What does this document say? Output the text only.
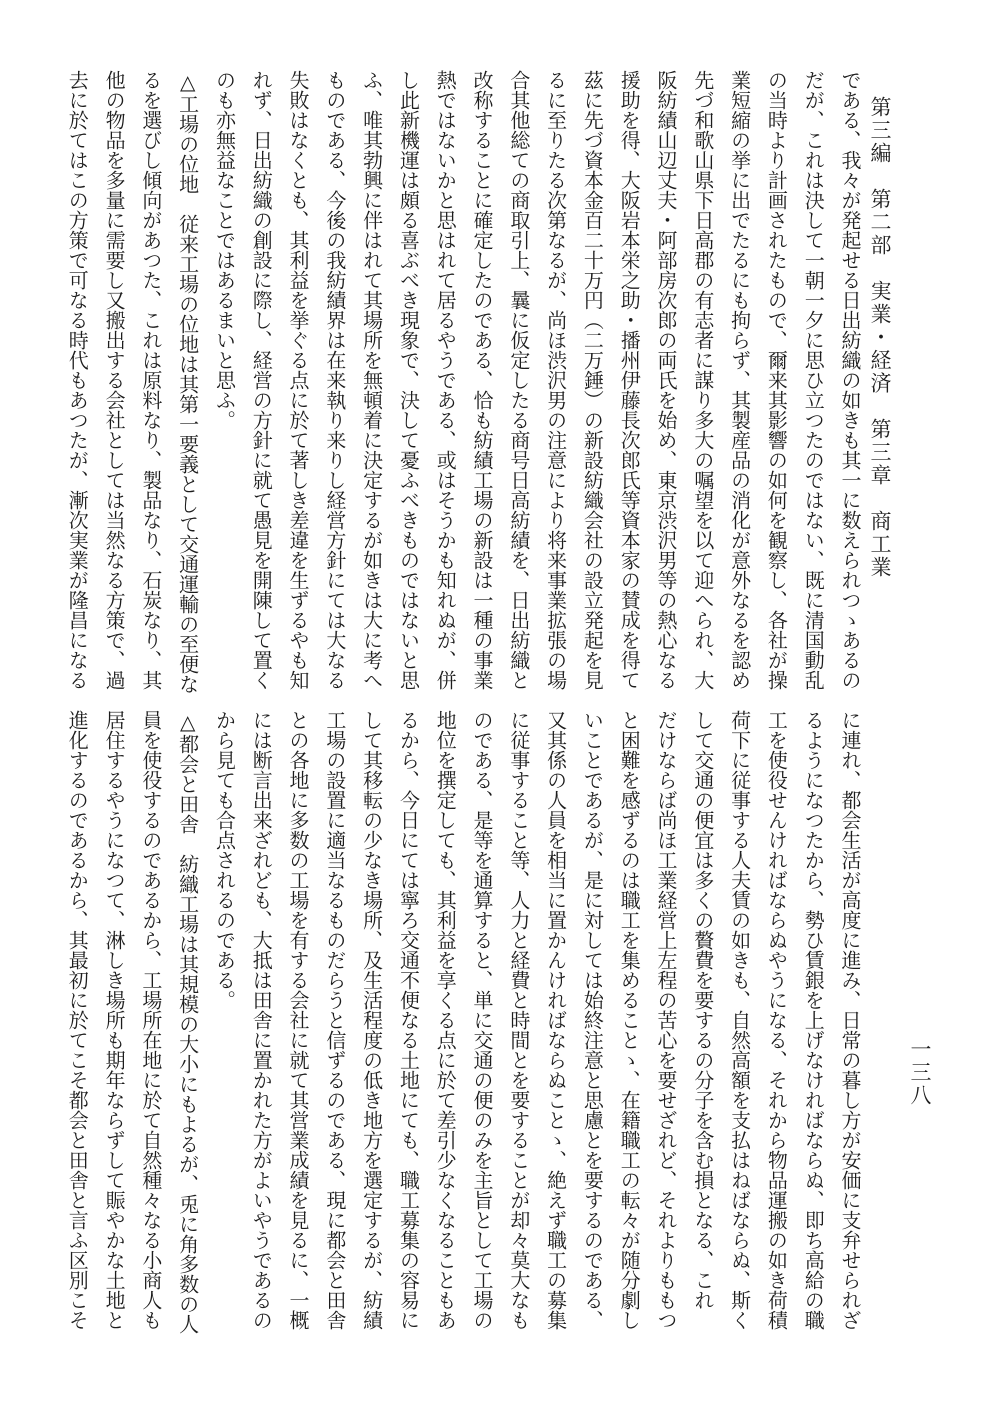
第三編　第二部　実業・経済　第三章　商工業
一三八
である、我々が発起せる日出紡織の如きも其一に数えられつゝあるの
だが、これは決して一朝一夕に思ひ立つたのではない、既に清国動乱
の当時より計画されたもので、爾来其影響の如何を観察し、各社が操
業短縮の挙に出でたるにも拘らず、其製産品の消化が意外なるを認め
先づ和歌山県下日高郡の有志者に謀り多大の嘱望を以て迎へられ、大
阪紡績山辺丈夫・阿部房次郎の両氏を始め、東京渋沢男等の熱心なる
援助を得、大阪岩本栄之助・播州伊藤長次郎氏等資本家の賛成を得て
茲に先づ資本金百二十万円（二万錘）の新設紡織会社の設立発起を見
るに至りたる次第なるが、尚ほ渋沢男の注意により将来事業拡張の場
合其他総ての商取引上、曩に仮定したる商号日高紡績を、日出紡織と
改称することに確定したのである、恰も紡績工場の新設は一種の事業
熱ではないかと思はれて居るやうである、或はそうかも知れぬが、併
し此新機運は頗る喜ぶべき現象で、決して憂ふべきものではないと思
ふ、唯其勃興に伴はれて其場所を無頓着に決定するが如きは大に考へ
ものである、今後の我紡績界は在来執り来りし経営方針にては大なる
失敗はなくとも、其利益を挙ぐる点に於て著しき差違を生ずるやも知
れず、日出紡織の創設に際し、経営の方針に就て愚見を開陳して置く
のも亦無益なことではあるまいと思ふ。
△工場の位地　従来工場の位地は其第一要義として交通運輸の至便な
るを選びし傾向があつた、これは原料なり、製品なり、石炭なり、其
他の物品を多量に需要し又搬出する会社としては当然なる方策で、過
去に於てはこの方策で可なる時代もあつたが、漸次実業が隆昌になる
に連れ、都会生活が高度に進み、日常の暮し方が安価に支弁せられざ
るようになつたから、勢ひ賃銀を上げなければならぬ、即ち高給の職
工を使役せんければならぬやうになる、それから物品運搬の如き荷積
荷下に従事する人夫賃の如きも、自然高額を支払はねばならぬ、斯く
して交通の便宜は多くの贅費を要するの分子を含む損となる、これ
だけならば尚ほ工業経営上左程の苦心を要せざれど、それよりももつ
と困難を感ずるのは職工を集めることゝ、在籍職工の転々が随分劇し
いことであるが、是に対しては始終注意と思慮とを要するのである、
又其係の人員を相当に置かんければならぬことゝ、絶えず職工の募集
に従事すること等、人力と経費と時間とを要することが却々莫大なも
のである、是等を通算すると、単に交通の便のみを主旨として工場の
地位を撰定しても、其利益を享くる点に於て差引少なくなることもあ
るから、今日にては寧ろ交通不便なる土地にても、職工募集の容易に
して其移転の少なき場所、及生活程度の低き地方を選定するが、紡績
工場の設置に適当なるものだらうと信ずるのである、現に都会と田舎
との各地に多数の工場を有する会社に就て其営業成績を見るに、一概
には断言出来ざれども、大抵は田舎に置かれた方がよいやうであるの
から見ても合点されるのである。
△都会と田舎　紡織工場は其規模の大小にもよるが、兎に角多数の人
員を使役するのであるから、工場所在地に於て自然種々なる小商人も
居住するやうになつて、淋しき場所も期年ならずして賑やかな土地と
進化するのであるから、其最初に於てこそ都会と田舎と言ふ区別こそ
